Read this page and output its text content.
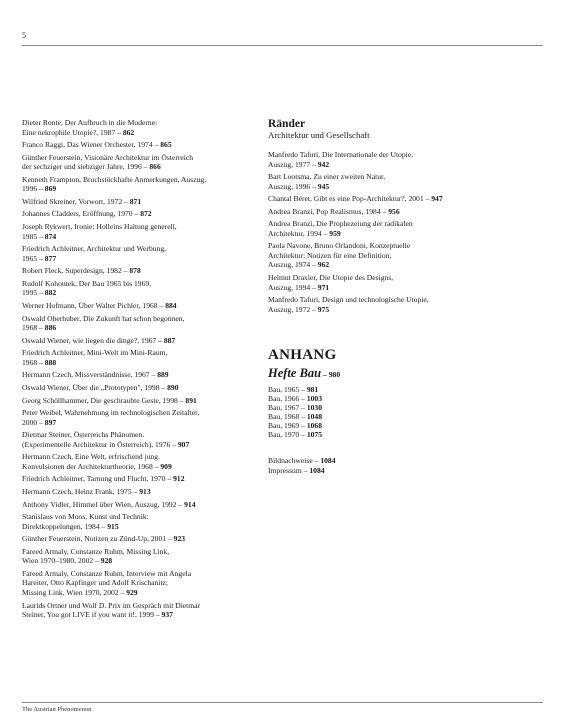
5
Dieter Ronte, Der Aufbruch in die Moderne:
Eine nekrophile Utopie?, 1987 – 862
Franco Raggi, Das Wiener Orchester, 1974 – 865
Günther Feuerstein, Visionäre Architektur im Österreich
der sechziger und siebziger Jahre, 1996 – 866
Kenneth Frampton, Bruchstückhafte Anmerkungen, Auszug,
1996 – 869
Wilfried Skreiner, Vorwort, 1972 – 871
Johannes Cladders, Eröffnung, 1970 – 872
Joseph Rykwert, Ironie: Holleins Haltung generell,
1985 – 874
Friedrich Achleitner, Architektur und Werbung,
1965 – 877
Robert Fleck, Superdesign, 1982 – 878
Rudolf Kohoutek, Der Bau 1965 bis 1969,
1995 – 882
Werner Hofmann, Über Walter Pichler, 1968 – 884
Oswald Oberhuber, Die Zukunft hat schon begonnen,
1968 – 886
Oswald Wiener, wie liegen die dinge?, 1967 – 887
Friedrich Achleitner, Mini-Welt im Mini-Raum,
1968 – 888
Hermann Czech, Missverständnisse, 1967 – 889
Oswald Wiener, Über die „Prototypen", 1998 – 890
Georg Schöllhammer, Die geschraubte Geste, 1998 – 891
Peter Weibel, Wahrnehmung im technologischen Zeitalter,
2000 – 897
Dietmar Steiner, Österreichs Phänomen.
(Experimentelle Architektur in Österreich), 1976 – 907
Hermann Czech, Eine Welt, erfrischend jung.
Konvulsionen der Architekturtheorie, 1968 – 909
Friedrich Achleitner, Tarnung und Flucht, 1970 – 912
Hermann Czech, Heinz Frank, 1975 – 913
Anthony Vidler, Himmel über Wien, Auszug, 1992 – 914
Stanislaus von Moos, Kunst und Technik:
Direktkoppelungen, 1984 – 915
Günther Feuerstein, Notizen zu Zünd-Up, 2001 – 923
Fareed Armaly, Constanze Ruhm, Missing Link,
Wien 1970–1980, 2002 – 928
Fareed Armaly, Constanze Ruhm, Interview mit Angela
Hareiter, Otto Kapfinger und Adolf Krischanitz;
Missing Link, Wien 1970, 2002 – 929
Laurids Ortner und Wolf D. Prix im Gespräch mit Dietmar
Steiner, You got LIVE if you want it!, 1999 – 937
Ränder
Architektur und Gesellschaft
Manfredo Tafuri, Die Internationale der Utopie,
Auszug, 1977 – 942
Bart Lootsma, Zu einer zweiten Natur,
Auszug, 1996 – 945
Chantal Béret, Gibt es eine Pop-Architektur?, 2001 – 947
Andrea Branzi, Pop Realismus, 1984 – 956
Andrea Branzi, Die Prophezeiung der radikalen
Architektur, 1994 – 959
Paola Navone, Bruno Orlandoni, Konzeptuelle
Architektur: Notizen für eine Definition,
Auszug, 1974 – 962
Helmut Draxler, Die Utopie des Designs,
Auszug, 1994 – 971
Manfredo Tafuri, Design und technologische Utopie,
Auszug, 1972 – 975
ANHANG
Hefte Bau – 980
Bau, 1965 – 981
Bau, 1966 – 1003
Bau, 1967 – 1030
Bau, 1968 – 1048
Bau, 1969 – 1068
Bau, 1970 – 1075
Bildnachweise – 1084
Impressum – 1084
The Austrian Phenomenon
